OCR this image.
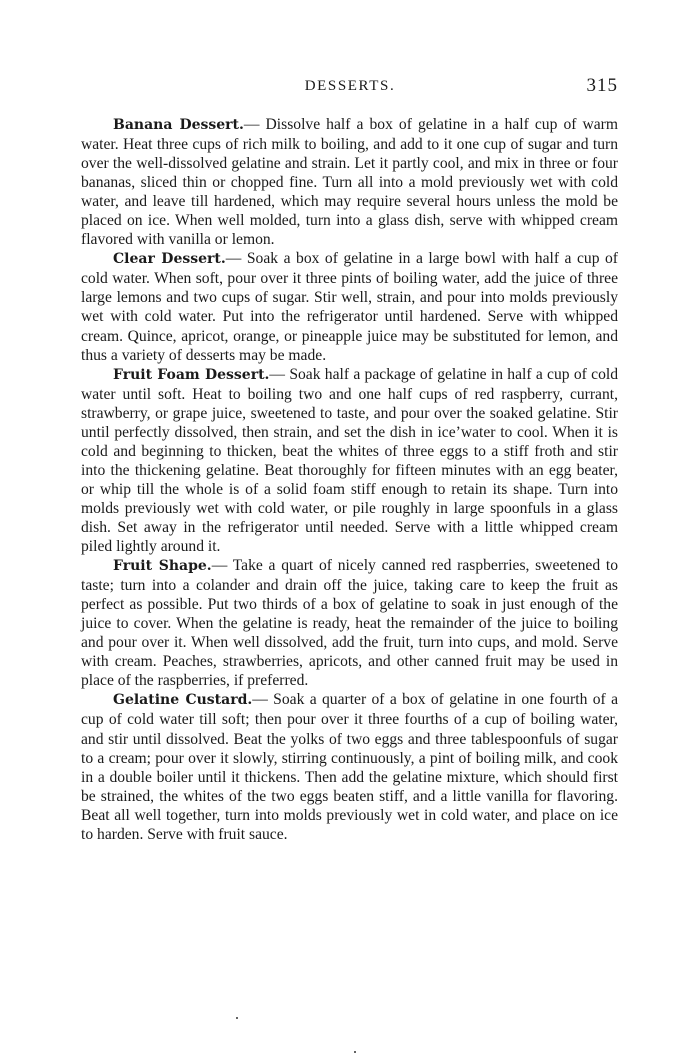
DESSERTS.	315

Banana Dessert.— Dissolve half a box of gelatine in a half cup of warm water. Heat three cups of rich milk to boiling, and add to it one cup of sugar and turn over the well-dissolved gelatine and strain. Let it partly cool, and mix in three or four bananas, sliced thin or chopped fine. Turn all into a mold previously wet with cold water, and leave till hardened, which may require several hours unless the mold be placed on ice. When well molded, turn into a glass dish, serve with whipped cream flavored with vanilla or lemon.

Clear Dessert.— Soak a box of gelatine in a large bowl with half a cup of cold water. When soft, pour over it three pints of boiling water, add the juice of three large lemons and two cups of sugar. Stir well, strain, and pour into molds previously wet with cold water. Put into the refrigerator until hardened. Serve with whipped cream. Quince, apricot, orange, or pineapple juice may be substituted for lemon, and thus a variety of desserts may be made.

Fruit Foam Dessert.— Soak half a package of gelatine in half a cup of cold water until soft. Heat to boiling two and one half cups of red raspberry, currant, strawberry, or grape juice, sweetened to taste, and pour over the soaked gelatine. Stir until perfectly dissolved, then strain, and set the dish in ice’water to cool. When it is cold and beginning to thicken, beat the whites of three eggs to a stiff froth and stir into the thickening gelatine. Beat thoroughly for fifteen minutes with an egg beater, or whip till the whole is of a solid foam stiff enough to retain its shape. Turn into molds previously wet with cold water, or pile roughly in large spoonfuls in a glass dish. Set away in the refrigerator until needed. Serve with a little whipped cream piled lightly around it.

Fruit Shape.— Take a quart of nicely canned red raspberries, sweetened to taste; turn into a colander and drain off the juice, taking care to keep the fruit as perfect as possible. Put two thirds of a box of gelatine to soak in just enough of the juice to cover. When the gelatine is ready, heat the remainder of the juice to boiling and pour over it. When well dissolved, add the fruit, turn into cups, and mold. Serve with cream. Peaches, strawberries, apricots, and other canned fruit may be used in place of the raspberries, if preferred.

Gelatine Custard.— Soak a quarter of a box of gelatine in one fourth of a cup of cold water till soft; then pour over it three fourths of a cup of boiling water, and stir until dissolved. Beat the yolks of two eggs and three tablespoonfuls of sugar to a cream; pour over it slowly, stirring continuously, a pint of boiling milk, and cook in a double boiler until it thickens. Then add the gelatine mixture, which should first be strained, the whites of the two eggs beaten stiff, and a little vanilla for flavoring. Beat all well together, turn into molds previously wet in cold water, and place on ice to harden. Serve with fruit sauce.
